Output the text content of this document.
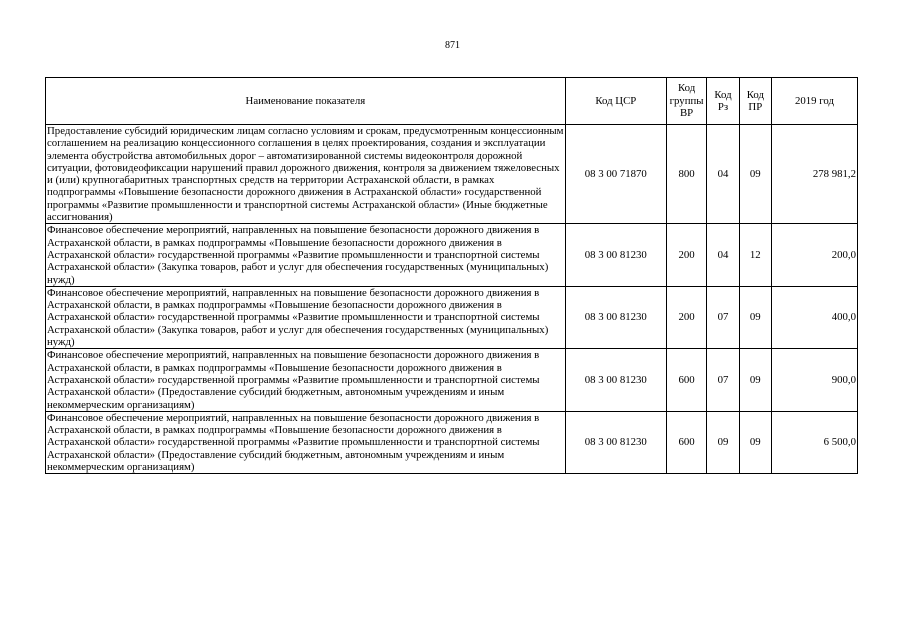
871
Наименование показателя	Код ЦСР	Код группы ВР	Код Рз	Код ПР	2019 год
Предоставление субсидий юридическим лицам согласно условиям и срокам, предусмотренным концессионным соглашением на реализацию концессионного соглашения в целях проектирования, создания и эксплуатации элемента обустройства автомобильных дорог – автоматизированной системы видеоконтроля дорожной ситуации, фотовидеофиксации нарушений правил дорожного движения, контроля за движением тяжеловесных и (или) крупногабаритных транспортных средств на территории Астраханской области, в рамках подпрограммы «Повышение безопасности дорожного движения в Астраханской области» государственной программы «Развитие промышленности и транспортной системы Астраханской области» (Иные бюджетные ассигнования)	08 3 00 71870	800	04	09	278 981,2
Финансовое обеспечение мероприятий, направленных на повышение безопасности дорожного движения в Астраханской области, в рамках подпрограммы «Повышение безопасности дорожного движения в Астраханской области» государственной программы «Развитие промышленности и транспортной системы Астраханской области» (Закупка товаров, работ и услуг для обеспечения государственных (муниципальных) нужд)	08 3 00 81230	200	04	12	200,0
Финансовое обеспечение мероприятий, направленных на повышение безопасности дорожного движения в Астраханской области, в рамках подпрограммы «Повышение безопасности дорожного движения в Астраханской области» государственной программы «Развитие промышленности и транспортной системы Астраханской области» (Закупка товаров, работ и услуг для обеспечения государственных (муниципальных) нужд)	08 3 00 81230	200	07	09	400,0
Финансовое обеспечение мероприятий, направленных на повышение безопасности дорожного движения в Астраханской области, в рамках подпрограммы «Повышение безопасности дорожного движения в Астраханской области» государственной программы «Развитие промышленности и транспортной системы Астраханской области» (Предоставление субсидий бюджетным, автономным учреждениям и иным некоммерческим организациям)	08 3 00 81230	600	07	09	900,0
Финансовое обеспечение мероприятий, направленных на повышение безопасности дорожного движения в Астраханской области, в рамках подпрограммы «Повышение безопасности дорожного движения в Астраханской области» государственной программы «Развитие промышленности и транспортной системы Астраханской области» (Предоставление субсидий бюджетным, автономным учреждениям и иным некоммерческим организациям)	08 3 00 81230	600	09	09	6 500,0
